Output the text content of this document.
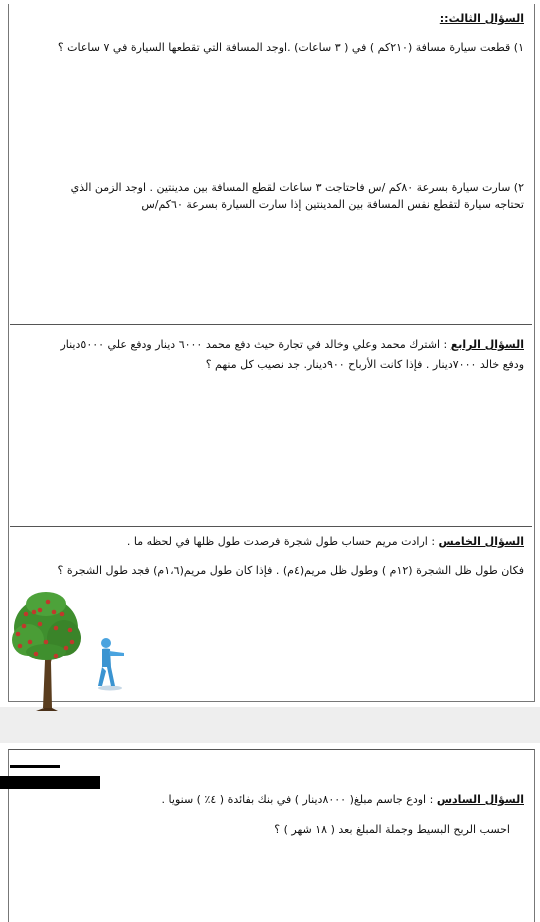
السؤال الثالث::
١) قطعت سيارة مسافة (٢١٠كم ) في ( ٣ ساعات) .اوجد المسافة التي تقطعها السيارة في ٧ ساعات ؟
٢) سارت سيارة بسرعة ٨٠كم /س فاحتاجت ٣ ساعات لقطع المسافة بين مدينتين . اوجد الزمن الذي
تحتاجه سيارة لتقطع نفس المسافة بين المدينتين إذا سارت السيارة بسرعة ٦٠كم/س
السؤال الرابع : اشترك محمد وعلي وخالد في تجارة حيث دفع محمد ٦٠٠٠ دينار ودفع علي ٥٠٠٠دينار
ودفع خالد ٧٠٠٠دينار . فإذا كانت الأرباح ٩٠٠دينار. جد نصيب كل منهم ؟
السؤال الخامس : ارادت مريم حساب طول شجرة فرصدت طول ظلها في لحظه ما .
فكان طول ظل الشجرة (١٢م ) وطول ظل مريم(٤م) . فإذا كان طول مريم(١،٦م) فجد طول الشجرة ؟
السؤال السادس : اودع جاسم مبلغ( ٨٠٠٠دينار ) في بنك بفائدة ( ٤٪ ) سنويا .
احسب الربح البسيط وجملة المبلغ بعد ( ١٨ شهر ) ؟
